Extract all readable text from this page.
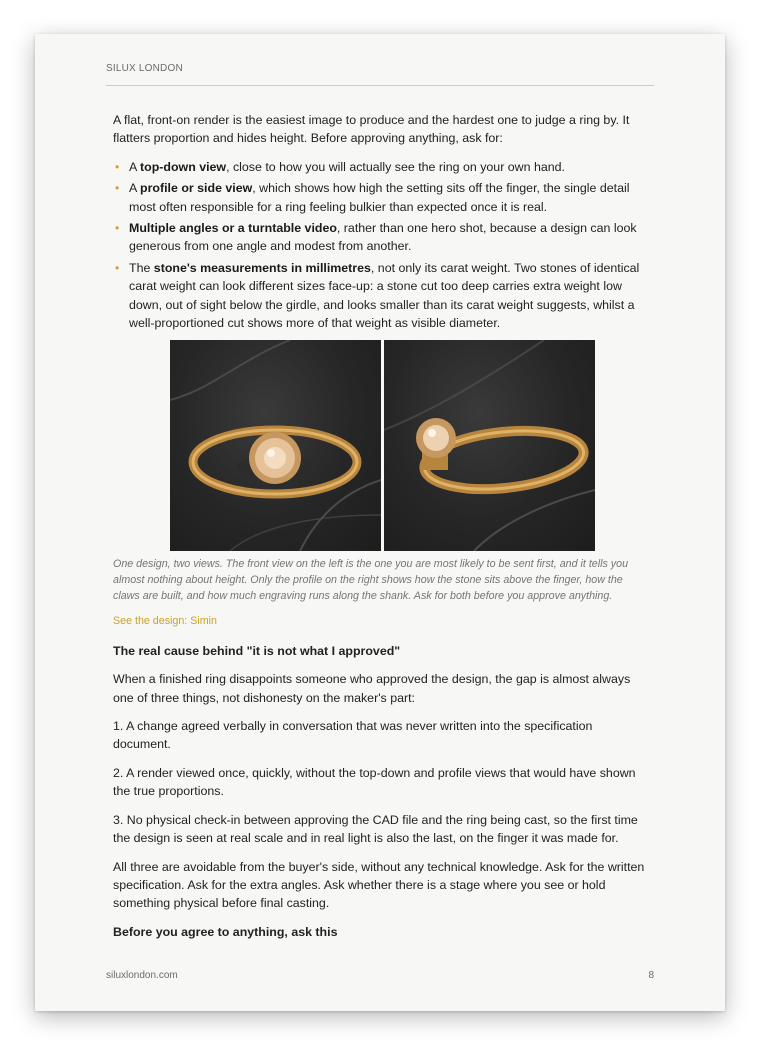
SILUX LONDON

A flat, front-on render is the easiest image to produce and the hardest one to judge a ring by. It flatters proportion and hides height. Before approving anything, ask for:

• A top-down view, close to how you will actually see the ring on your own hand.
• A profile or side view, which shows how high the setting sits off the finger, the single detail most often responsible for a ring feeling bulkier than expected once it is real.
• Multiple angles or a turntable video, rather than one hero shot, because a design can look generous from one angle and modest from another.
• The stone's measurements in millimetres, not only its carat weight. Two stones of identical carat weight can look different sizes face-up: a stone cut too deep carries extra weight low down, out of sight below the girdle, and looks smaller than its carat weight suggests, whilst a well-proportioned cut shows more of that weight as visible diameter.

One design, two views. The front view on the left is the one you are most likely to be sent first, and it tells you almost nothing about height. Only the profile on the right shows how the stone sits above the finger, how the claws are built, and how much engraving runs along the shank. Ask for both before you approve anything.

See the design: Simin

The real cause behind "it is not what I approved"

When a finished ring disappoints someone who approved the design, the gap is almost always one of three things, not dishonesty on the maker's part:

1. A change agreed verbally in conversation that was never written into the specification document.

2. A render viewed once, quickly, without the top-down and profile views that would have shown the true proportions.

3. No physical check-in between approving the CAD file and the ring being cast, so the first time the design is seen at real scale and in real light is also the last, on the finger it was made for.

All three are avoidable from the buyer's side, without any technical knowledge. Ask for the written specification. Ask for the extra angles. Ask whether there is a stage where you see or hold something physical before final casting.

Before you agree to anything, ask this

siluxlondon.com	8
